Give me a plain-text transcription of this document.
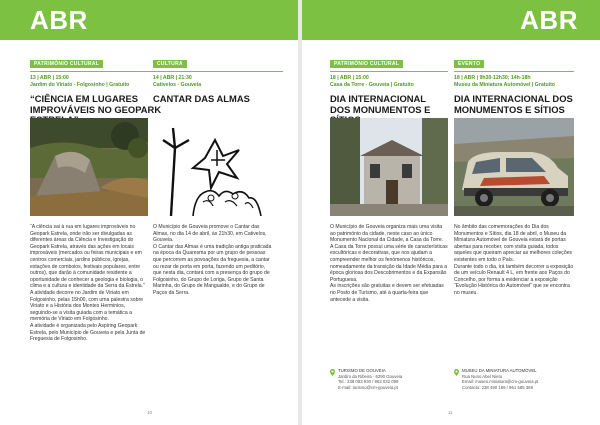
ABR	ABR
PATRIMÓNIO CULTURAL
13 | ABR | 15:00
Jardim do Viriato - Folgosinho | Gratuito
“CIÊNCIA EM LUGARES IMPROVÁVEIS NO GEOPARK
CULTURA
14 | ABR | 21:30
Cativelos - Gouveia
CANTAR DAS ALMAS
PATRIMÓNIO CULTURAL
18 | ABR | 15:00
Casa da Torre - Gouveia | Gratuito
DIA INTERNACIONAL DOS MONUMENTOS E
EVENTO
18 | ABR | 9h30-12h30; 14h-18h
Museu da Miniatura Automóvel | Gratuito
DIA INTERNACIONAL DOS MONUMENTOS E SÍTIOS

“A ciência sai à rua em lugares improváveis no Geopark Estrela, onde irão ser divulgadas as diferentes áreas da Ciência e Investigação do Geopark Estrela, através das ações em locais improváveis (mercados ou feiras municipais e em centros comerciais, jardins públicos, igrejas, estações de comboios, festivais populares, entre outros), que darão à comunidade residente a oportunidade de conhecer a geologia e biologia, o clima e a cultura e identidade da Serra da Estrela.”

A atividade decorre no Jardim de Viriato em Folgosinho, pelas 15h00, com uma palestra sobre Viriato e a História dos Montes Herminios, seguindo-se a visita guiada com a temática a memória de Viriato em Folgosinho.

A atividade é organizada pelo Aspiring Geopark Estrela, pelo Município de Gouveia e pela Junta de Freguesia de Folgosinho.

O Município de Gouveia promove o Cantar das Almas, no dia 14 de abril, às 21h30, em Cativelos, Gouveia.

O Cantar das Almas é uma tradição antiga praticada na época da Quaresma por um grupo de pessoas que percorrem as povoações da freguesia, a cantar ou rezar de porta em porta, fazendo um peditório, que nesta dia, contará com a presença do grupo de Folgosinho, do Grupo de Loriga, Grupo de Santa Marinha, do Grupo de Mangualde, e do Grupo de Paços da Serra.

O Município de Gouveia organiza mais uma visita ao património da cidade, neste caso ao único Monumento Nacional da Cidade, a Casa da Torre.

A Casa da Torre possui uma série de características escultóricas e decorativas, que nos ajudam a compreender melhor os fenómenos históricos, nomeadamente da transição da Idade Média para a época gloriosa dos Descobrimentos e da Expansão Portuguesa.

As inscrições são gratuitas e devem ser efetuadas no Posto de Turismo, até à quarta-feira que antecede a visita.

No âmbito das comemorações do Dia dos Monumentos e Sítios, dia 18 de abril, o Museu da Miniatura Automóvel de Gouveia estará de portas abertas para receber, com visita guiada, todos aqueles que queiram apreciar as melhores coleções existentes em todo o País.

Durante todo o dia, irá também decorrer a exposição de um veículo Renault 4 L, em frente aos Paços do Concelho, por forma a evidenciar a exposição “Evolução Histórica do Automóvel” que se encontra no museu.

TURISMO DE GOUVEIA
Jardim da Ribeira · 6290 Gouveia
Tel.: 238 083 930 / 962 032 099
E-mail: turismo@cm-gouveia.pt
MUSEU DA MINIATURA AUTOMÓVEL
Rua Nuno Abel Nieto
Email: museu.miniatura@cm-gouveia.pt
Contacto: 238 490 169 / 961 585 369
10	11
